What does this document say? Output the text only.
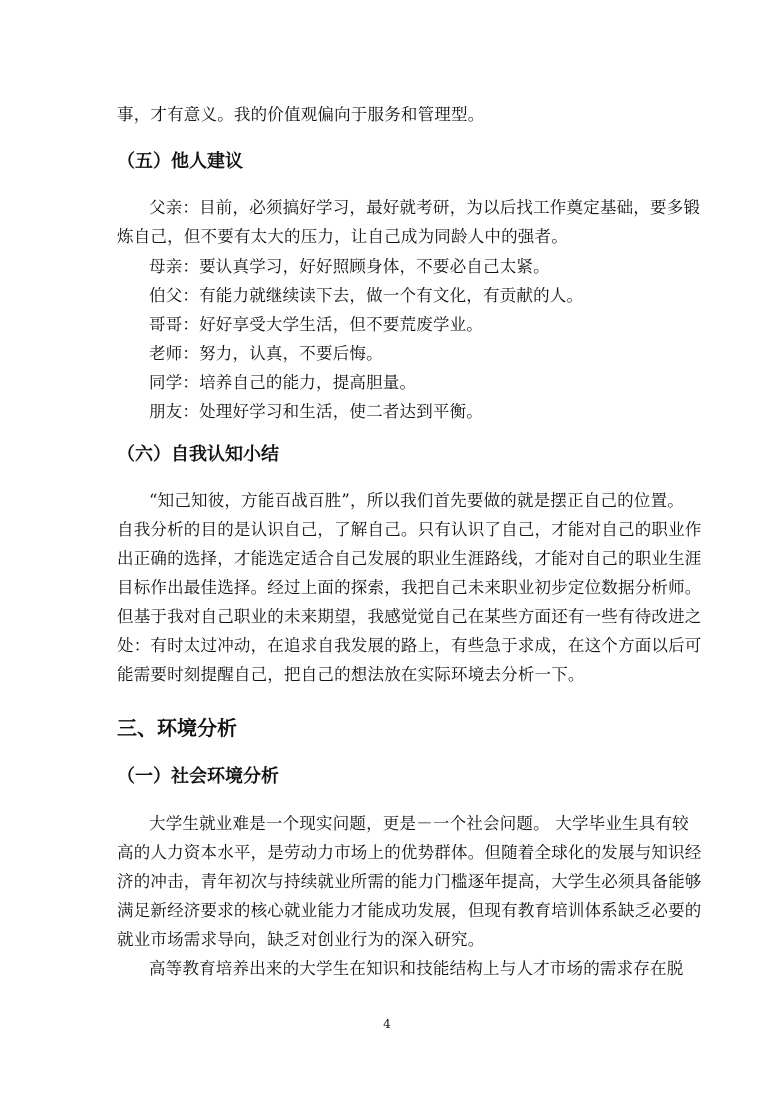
事，才有意义。我的价值观偏向于服务和管理型。
（五）他人建议
父亲：目前，必须搞好学习，最好就考研，为以后找工作奠定基础，要多锻
炼自己，但不要有太大的压力，让自己成为同龄人中的强者。
母亲：要认真学习，好好照顾身体，不要必自己太紧。
伯父：有能力就继续读下去，做一个有文化，有贡献的人。
哥哥：好好享受大学生活，但不要荒废学业。
老师：努力，认真，不要后悔。
同学：培养自己的能力，提高胆量。
朋友：处理好学习和生活，使二者达到平衡。
（六）自我认知小结
“知己知彼，方能百战百胜”，所以我们首先要做的就是摆正自己的位置。
自我分析的目的是认识自己，了解自己。只有认识了自己，才能对自己的职业作
出正确的选择，才能选定适合自己发展的职业生涯路线，才能对自己的职业生涯
目标作出最佳选择。经过上面的探索，我把自己未来职业初步定位数据分析师。
但基于我对自己职业的未来期望，我感觉觉自己在某些方面还有一些有待改进之
处：有时太过冲动，在追求自我发展的路上，有些急于求成，在这个方面以后可
能需要时刻提醒自己，把自己的想法放在实际环境去分析一下。
三、环境分析
（一）社会环境分析
大学生就业难是一个现实问题，更是－一个社会问题。 大学毕业生具有较
高的人力资本水平，是劳动力市场上的优势群体。但随着全球化的发展与知识经
济的冲击，青年初次与持续就业所需的能力门槛逐年提高，大学生必须具备能够
满足新经济要求的核心就业能力才能成功发展，但现有教育培训体系缺乏必要的
就业市场需求导向，缺乏对创业行为的深入研究。
高等教育培养出来的大学生在知识和技能结构上与人才市场的需求存在脱
4
